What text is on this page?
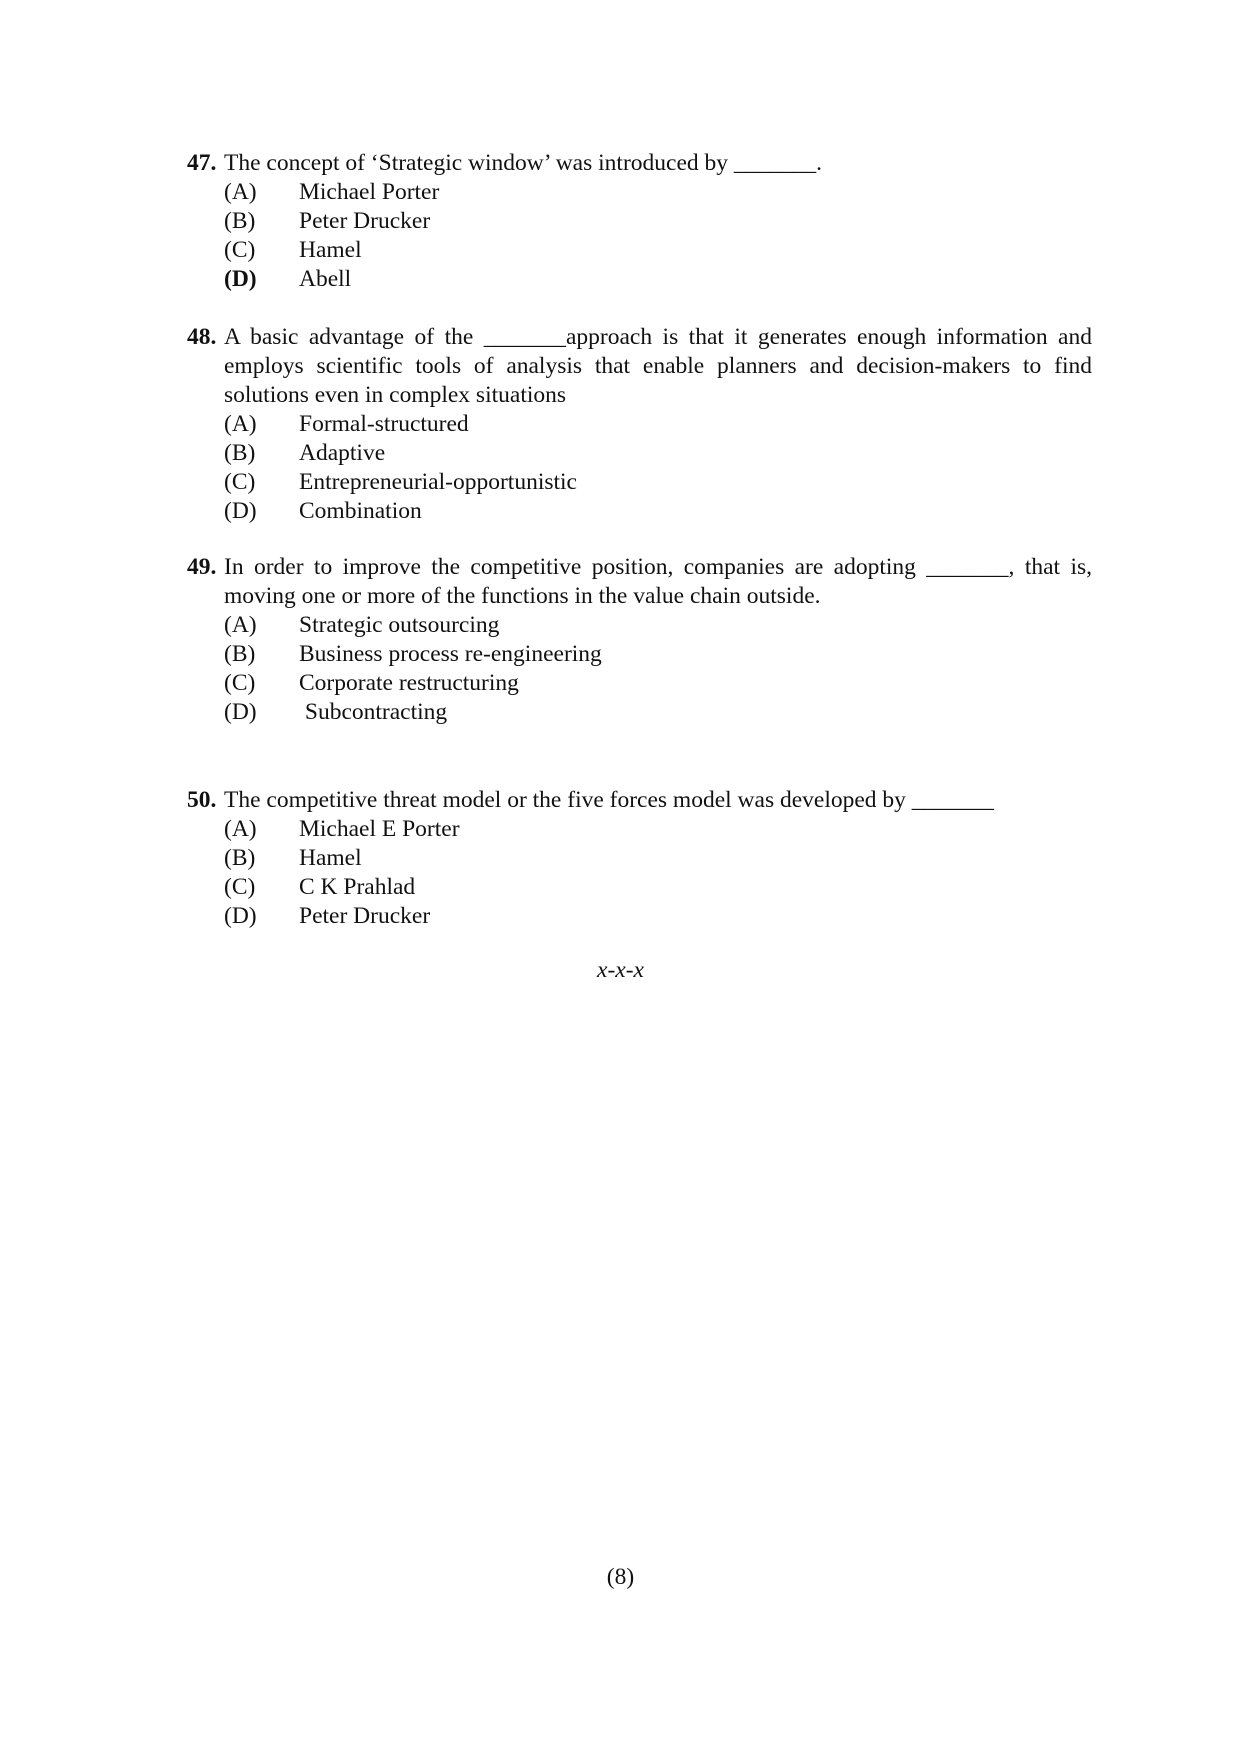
47. The concept of ‘Strategic window’ was introduced by _______.
(A)	Michael Porter
(B)	Peter Drucker
(C)	Hamel
(D)	Abell
48. A basic advantage of the _______approach is that it generates enough information and employs scientific tools of analysis that enable planners and decision-makers to find solutions even in complex situations
(A)	Formal-structured
(B)	Adaptive
(C)	Entrepreneurial-opportunistic
(D)	Combination
49. In order to improve the competitive position, companies are adopting _______, that is, moving one or more of the functions in the value chain outside.
(A)	Strategic outsourcing
(B)	Business process re-engineering
(C)	Corporate restructuring
(D)	Subcontracting
50. The competitive threat model or the five forces model was developed by _______
(A)	Michael E Porter
(B)	Hamel
(C)	C K Prahlad
(D)	Peter Drucker
x-x-x
(8)
